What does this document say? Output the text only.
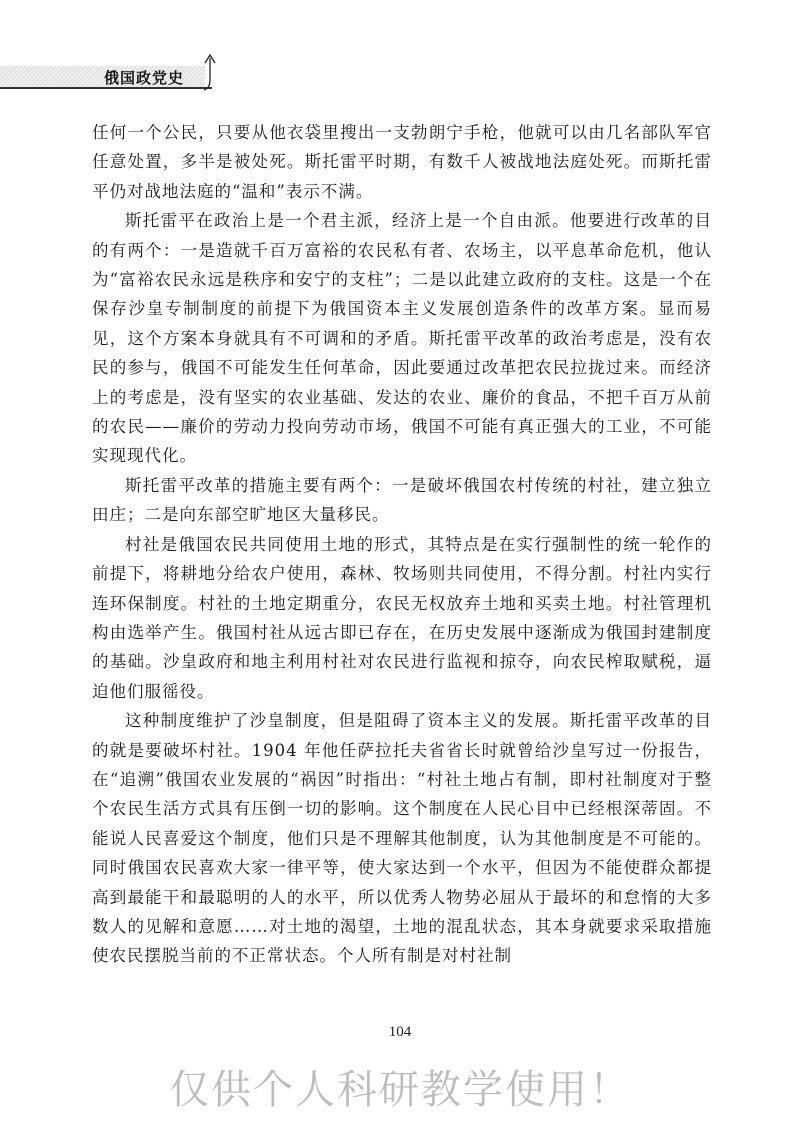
俄国政党史

任何一个公民，只要从他衣袋里搜出一支勃朗宁手枪，他就可以由几名部队军官任意处置，多半是被处死。斯托雷平时期，有数千人被战地法庭处死。而斯托雷平仍对战地法庭的“温和”表示不满。

斯托雷平在政治上是一个君主派，经济上是一个自由派。他要进行改革的目的有两个：一是造就千百万富裕的农民私有者、农场主，以平息革命危机，他认为“富裕农民永远是秩序和安宁的支柱”；二是以此建立政府的支柱。这是一个在保存沙皇专制制度的前提下为俄国资本主义发展创造条件的改革方案。显而易见，这个方案本身就具有不可调和的矛盾。斯托雷平改革的政治考虑是，没有农民的参与，俄国不可能发生任何革命，因此要通过改革把农民拉拢过来。而经济上的考虑是，没有坚实的农业基础、发达的农业、廉价的食品，不把千百万从前的农民——廉价的劳动力投向劳动市场，俄国不可能有真正强大的工业，不可能实现现代化。

斯托雷平改革的措施主要有两个：一是破坏俄国农村传统的村社，建立独立田庄；二是向东部空旷地区大量移民。

村社是俄国农民共同使用土地的形式，其特点是在实行强制性的统一轮作的前提下，将耕地分给农户使用，森林、牧场则共同使用，不得分割。村社内实行连环保制度。村社的土地定期重分，农民无权放弃土地和买卖土地。村社管理机构由选举产生。俄国村社从远古即已存在，在历史发展中逐渐成为俄国封建制度的基础。沙皇政府和地主利用村社对农民进行监视和掠夺，向农民榨取赋税，逼迫他们服徭役。

这种制度维护了沙皇制度，但是阻碍了资本主义的发展。斯托雷平改革的目的就是要破坏村社。1904 年他任萨拉托夫省省长时就曾给沙皇写过一份报告，在“追溯”俄国农业发展的“祸因”时指出：“村社土地占有制，即村社制度对于整个农民生活方式具有压倒一切的影响。这个制度在人民心目中已经根深蒂固。不能说人民喜爱这个制度，他们只是不理解其他制度，认为其他制度是不可能的。同时俄国农民喜欢大家一律平等，使大家达到一个水平，但因为不能使群众都提高到最能干和最聪明的人的水平，所以优秀人物势必屈从于最坏的和怠惰的大多数人的见解和意愿……对土地的渴望，土地的混乱状态，其本身就要求采取措施使农民摆脱当前的不正常状态。个人所有制是对村社制

104
仅供个人科研教学使用！
